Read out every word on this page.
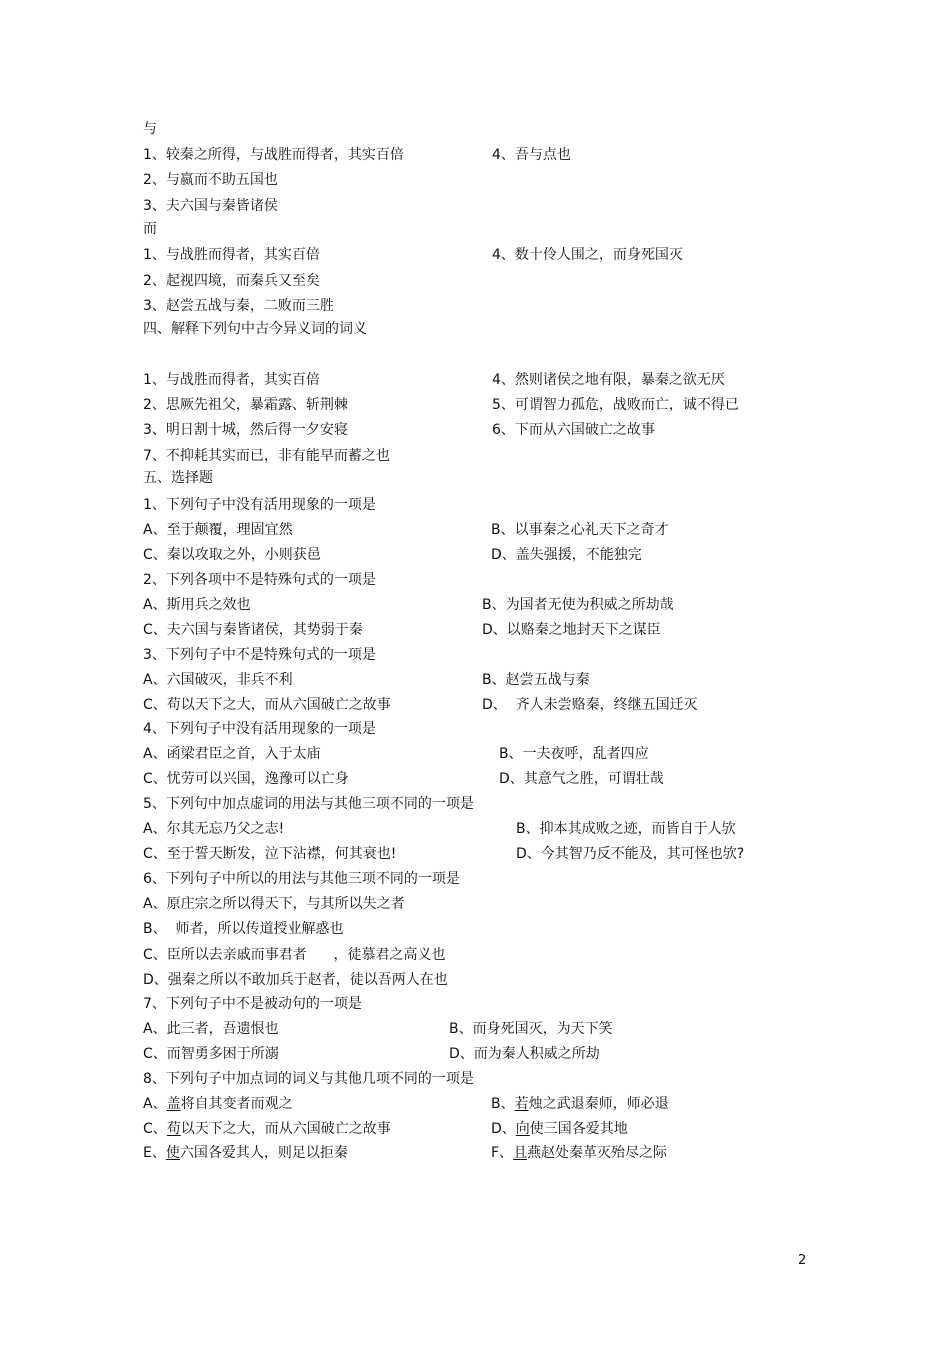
与
1、较秦之所得，与战胜而得者，其实百倍	4、吾与点也
2、与嬴而不助五国也
3、夫六国与秦皆诸侯
而
1、与战胜而得者，其实百倍	4、数十伶人围之，而身死国灭
2、起视四境，而秦兵又至矣
3、赵尝五战与秦，二败而三胜
四、解释下列句中古今异义词的词义
1、与战胜而得者，其实百倍	4、然则诸侯之地有限，暴秦之欲无厌
2、思厥先祖父，暴霜露、斩荆棘	5、可谓智力孤危，战败而亡，诚不得已
3、明日割十城，然后得一夕安寝	6、下而从六国破亡之故事
7、不抑耗其实而已，非有能早而蓄之也
五、选择题
1、下列句子中没有活用现象的一项是
A、至于颠覆，理固宜然	B、以事秦之心礼天下之奇才
C、秦以攻取之外，小则获邑	D、盖失强援，不能独完
2、下列各项中不是特殊句式的一项是
A、斯用兵之效也	B、为国者无使为积威之所劫哉
C、夫六国与秦皆诸侯，其势弱于秦	D、以赂秦之地封天下之谋臣
3、下列句子中不是特殊句式的一项是
A、六国破灭，非兵不利	B、赵尝五战与秦
C、苟以天下之大，而从六国破亡之故事	D、  齐人未尝赂秦，终继五国迁灭
4、下列句子中没有活用现象的一项是
A、函梁君臣之首，入于太庙	B、一夫夜呼，乱者四应
C、忧劳可以兴国，逸豫可以亡身	D、其意气之胜，可谓壮哉
5、下列句中加点虚词的用法与其他三项不同的一项是
A、尔其无忘乃父之志!	B、抑本其成败之迹，而皆自于人欤
C、至于誓天断发，泣下沾襟，何其衰也!	D、今其智乃反不能及，其可怪也欤?
6、下列句子中所以的用法与其他三项不同的一项是
A、原庄宗之所以得天下，与其所以失之者
B、  师者，所以传道授业解惑也
C、臣所以去亲戚而事君者      ，徒慕君之高义也
D、强秦之所以不敢加兵于赵者，徒以吾两人在也
7、下列句子中不是被动句的一项是
A、此三者，吾遗恨也	B、而身死国灭，为天下笑
C、而智勇多困于所溺	D、而为秦人积威之所劫
8、下列句子中加点词的词义与其他几项不同的一项是
A、盖将自其变者而观之	B、若烛之武退秦师，师必退
C、苟以天下之大，而从六国破亡之故事	D、向使三国各爱其地
E、使六国各爱其人，则足以拒秦	F、且燕赵处秦革灭殆尽之际
2
